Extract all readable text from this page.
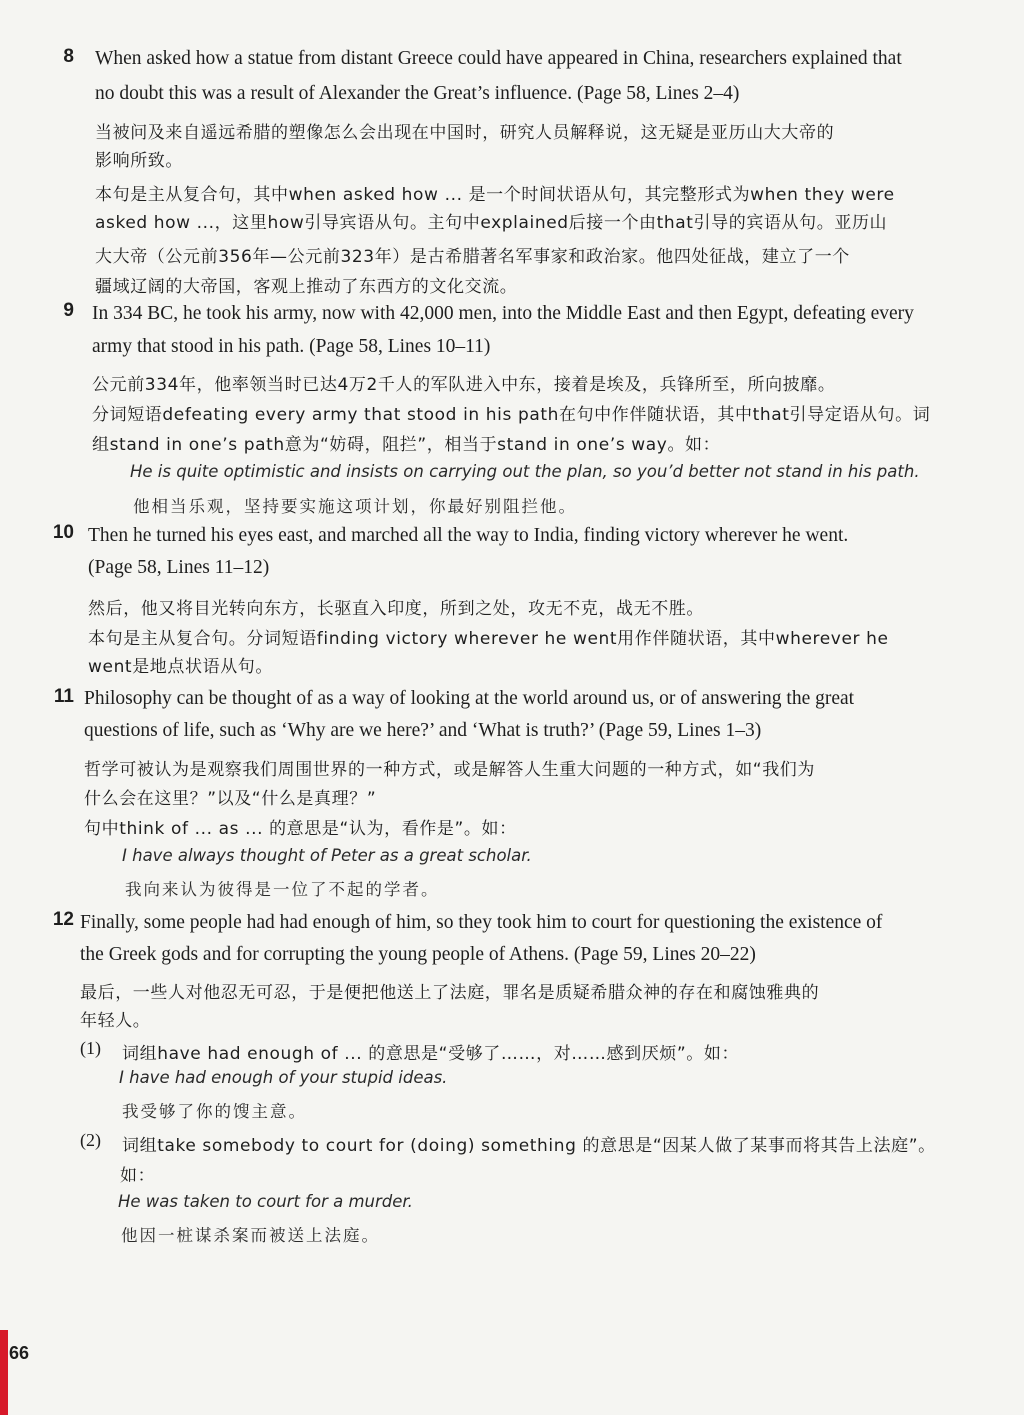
8 When asked how a statue from distant Greece could have appeared in China, researchers explained that
no doubt this was a result of Alexander the Great’s influence. (Page 58, Lines 2–4)
当被问及来自遥远希腊的塑像怎么会出现在中国时，研究人员解释说，这无疑是亚历山大大帝的
影响所致。
本句是主从复合句，其中when asked how ... 是一个时间状语从句，其完整形式为when they were
asked how ...，这里how引导宾语从句。主句中explained后接一个由that引导的宾语从句。亚历山
大大帝（公元前356年—公元前323年）是古希腊著名军事家和政治家。他四处征战，建立了一个
疆域辽阔的大帝国，客观上推动了东西方的文化交流。
9 In 334 BC, he took his army, now with 42,000 men, into the Middle East and then Egypt, defeating every
army that stood in his path. (Page 58, Lines 10–11)
公元前334年，他率领当时已达4万2千人的军队进入中东，接着是埃及，兵锋所至，所向披靡。
分词短语defeating every army that stood in his path在句中作伴随状语，其中that引导定语从句。词
组stand in one’s path意为“妨碍，阻拦”，相当于stand in one’s way。如：
He is quite optimistic and insists on carrying out the plan, so you’d better not stand in his path.
他相当乐观，坚持要实施这项计划，你最好别阻拦他。
10 Then he turned his eyes east, and marched all the way to India, finding victory wherever he went.
(Page 58, Lines 11–12)
然后，他又将目光转向东方，长驱直入印度，所到之处，攻无不克，战无不胜。
本句是主从复合句。分词短语finding victory wherever he went用作伴随状语，其中wherever he
went是地点状语从句。
11 Philosophy can be thought of as a way of looking at the world around us, or of answering the great
questions of life, such as ‘Why are we here?’ and ‘What is truth?’ (Page 59, Lines 1–3)
哲学可被认为是观察我们周围世界的一种方式，或是解答人生重大问题的一种方式，如“我们为
什么会在这里？”以及“什么是真理？”
句中think of ... as ... 的意思是“认为，看作是”。如：
I have always thought of Peter as a great scholar.
我向来认为彼得是一位了不起的学者。
12 Finally, some people had had enough of him, so they took him to court for questioning the existence of
the Greek gods and for corrupting the young people of Athens. (Page 59, Lines 20–22)
最后，一些人对他忍无可忍，于是便把他送上了法庭，罪名是质疑希腊众神的存在和腐蚀雅典的
年轻人。
(1) 词组have had enough of ... 的意思是“受够了……，对……感到厌烦”。如：
I have had enough of your stupid ideas.
我受够了你的馊主意。
(2) 词组take somebody to court for (doing) something 的意思是“因某人做了某事而将其告上法庭”。
如：
He was taken to court for a murder.
他因一桩谋杀案而被送上法庭。
66
